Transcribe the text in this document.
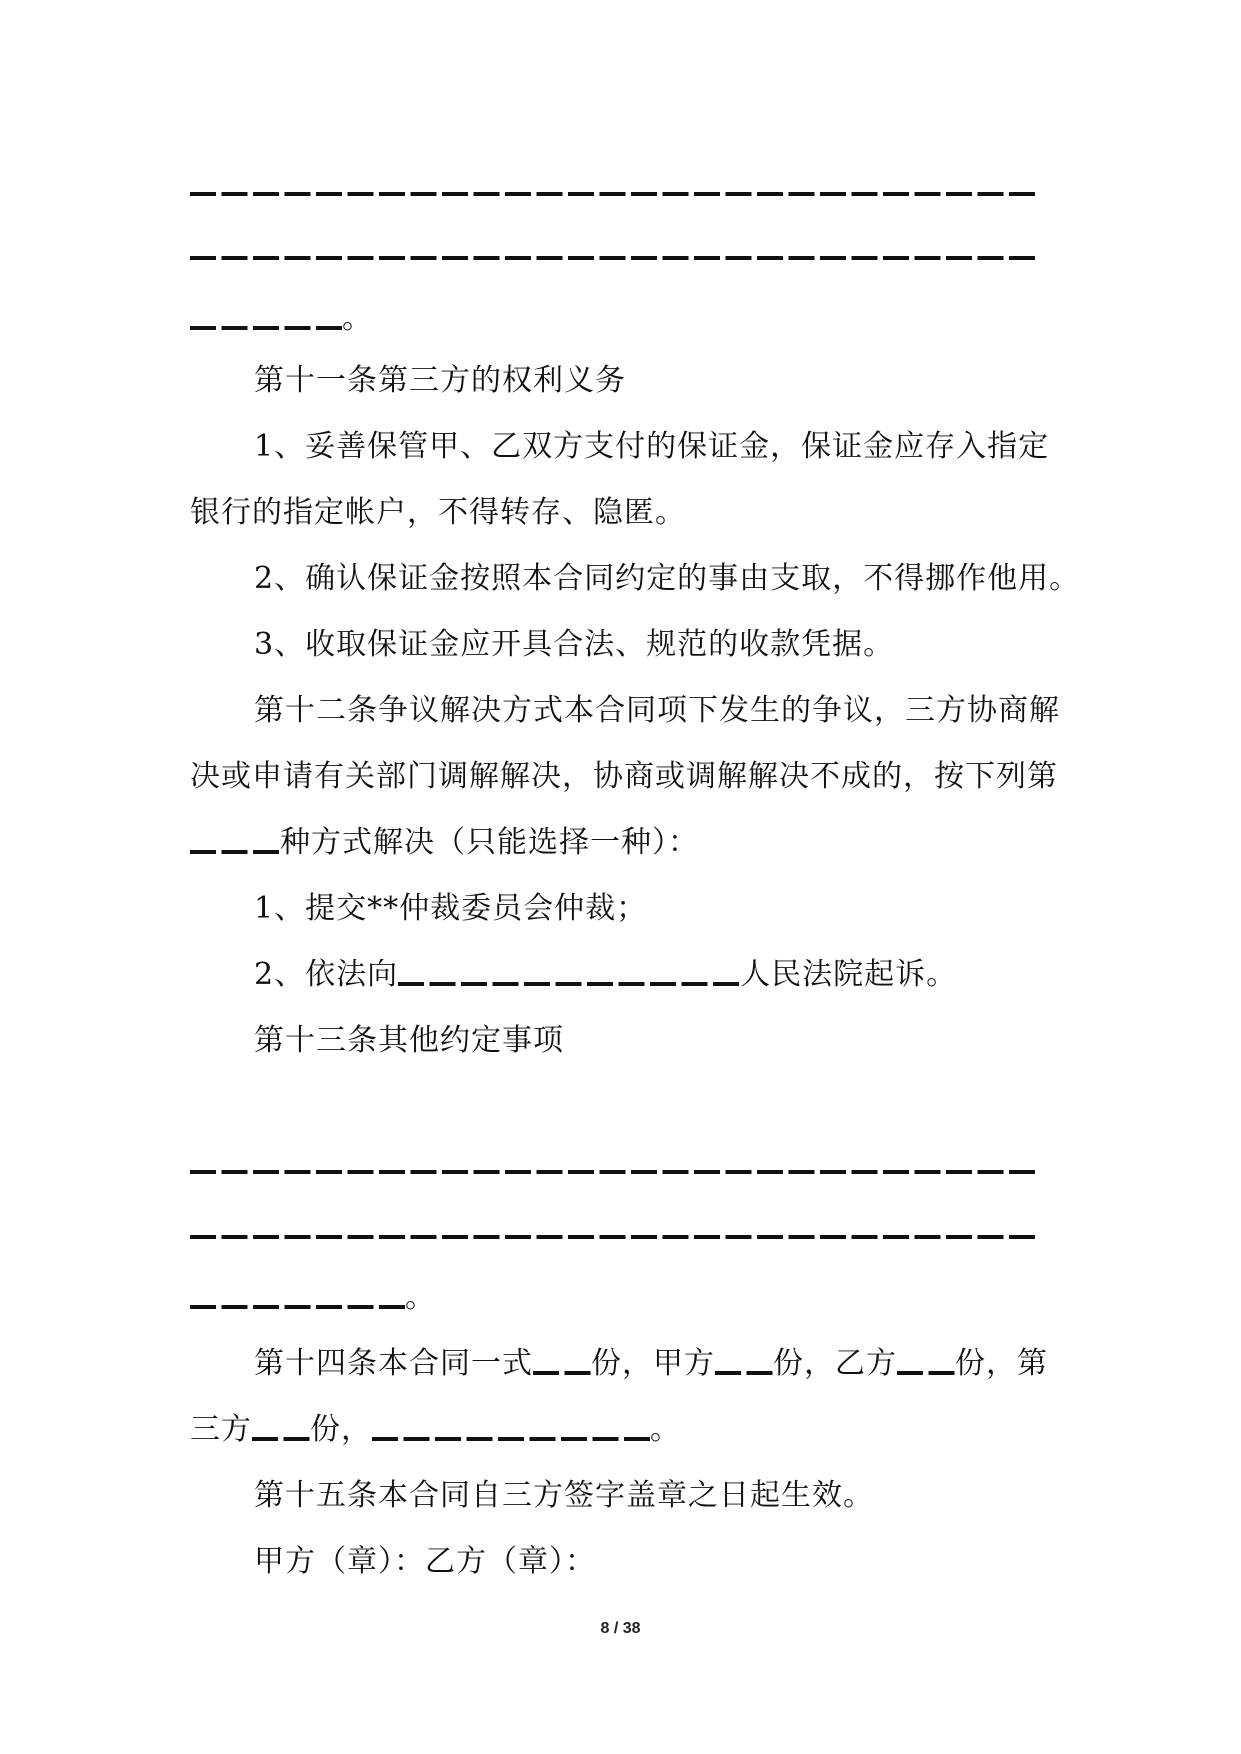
。
第十一条第三方的权利义务
1、妥善保管甲、乙双方支付的保证金，保证金应存入指定
银行的指定帐户，不得转存、隐匿。
2、确认保证金按照本合同约定的事由支取，不得挪作他用。
3、收取保证金应开具合法、规范的收款凭据。
第十二条争议解决方式本合同项下发生的争议，三方协商解
决或申请有关部门调解解决，协商或调解解决不成的，按下列第
种方式解决（只能选择一种）：
1、提交**仲裁委员会仲裁；
2、依法向	人民法院起诉。
第十三条其他约定事项
。
第十四条本合同一式 份，甲方 份，乙方 份，第
三方 份，	。
第十五条本合同自三方签字盖章之日起生效。
甲方（章）：乙方（章）：
8 / 38
